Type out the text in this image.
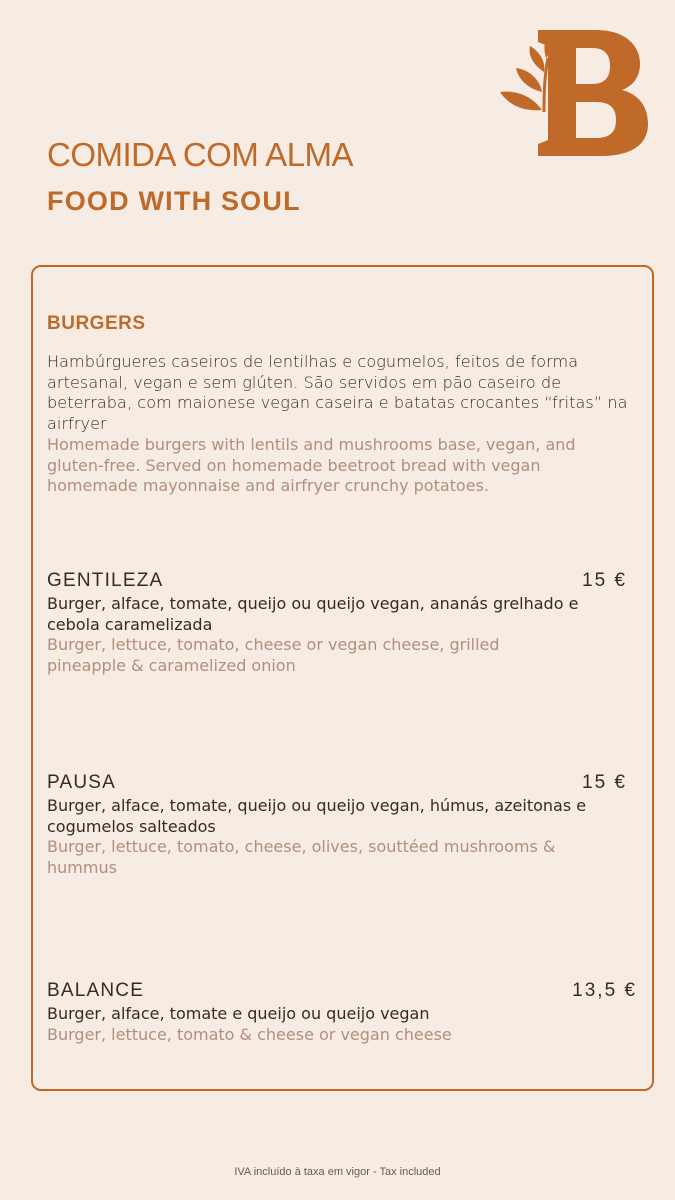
COMIDA COM ALMA
FOOD WITH SOUL
BURGERS

Hambúrgueres caseiros de lentilhas e cogumelos, feitos de forma artesanal, vegan e sem glúten. São servidos em pão caseiro de beterraba, com maionese vegan caseira e batatas crocantes “fritas” na airfryer

Homemade burgers with lentils and mushrooms base, vegan, and gluten-free. Served on homemade beetroot bread with vegan homemade mayonnaise and airfryer crunchy potatoes.

GENTILEZA	15 €

Burger, alface, tomate, queijo ou queijo vegan, ananás grelhado e cebola caramelizada

Burger, lettuce, tomato, cheese or vegan cheese, grilled pineapple & caramelized onion

PAUSA	15 €

Burger, alface, tomate, queijo ou queijo vegan, húmus, azeitonas e cogumelos salteados

Burger, lettuce, tomato, cheese, olives, souttéed mushrooms & hummus

BALANCE	13,5 €

Burger, alface, tomate e queijo ou queijo vegan

Burger, lettuce, tomato & cheese or vegan cheese

IVA incluído à taxa em vigor - Tax included
